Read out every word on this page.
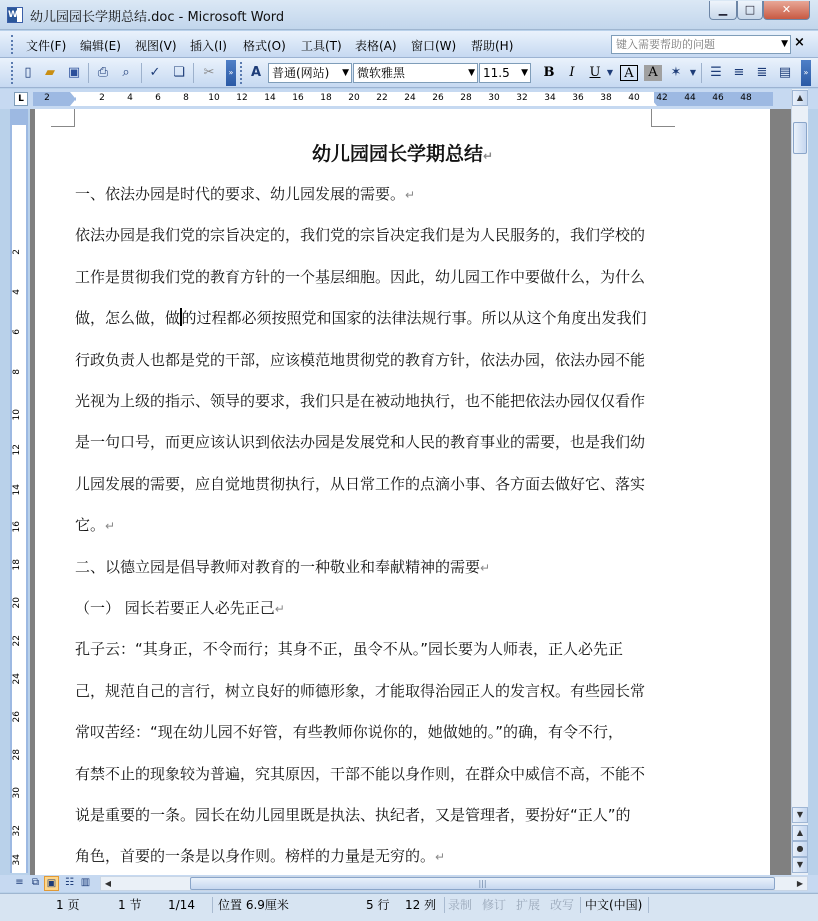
W 幼儿园园长学期总结.doc - Microsoft Word
▁	□	✕
文件(F) 编辑(E) 视图(V) 插入(I) 格式(O) 工具(T) 表格(A) 窗口(W) 帮助(H)	键入需要帮助的问题	▼ ×
▯	▰ ▣ ⎙	⌕	✓ ❏ ✂	» A 普通(网站) ▼ 微软雅黑	▼ 11.5 ▼ B	I	U ▼ A	A ✶	▼	☰ ≡ ≣ ▤	»
L	2	2	4	6	8	10	12	14	16	18	20	22	24	26	28	30	32	34	36	38	40	42	44	46	48
2
4
6
8
10
12
14
16
18
20
22
24
26
28
30
32
34
幼儿园园长学期总结↵
一、依法办园是时代的要求、幼儿园发展的需要。↵
依法办园是我们党的宗旨决定的，我们党的宗旨决定我们是为人民服务的，我们学校的
工作是贯彻我们党的教育方针的一个基层细胞。因此，幼儿园工作中要做什么，为什么
做，怎么做，做 的过程都必须按照党和国家的法律法规行事。所以从这个角度出发我们
行政负责人也都是党的干部，应该模范地贯彻党的教育方针，依法办园，依法办园不能
光视为上级的指示、领导的要求，我们只是在被动地执行，也不能把依法办园仅仅看作
是一句口号，而更应该认识到依法办园是发展党和人民的教育事业的需要，也是我们幼
儿园发展的需要，应自觉地贯彻执行，从日常工作的点滴小事、各方面去做好它、落实
它。↵
二、以德立园是倡导教师对教育的一种敬业和奉献精神的需要↵
（一） 园长若要正人必先正己↵
孔子云：“其身正，不令而行；其身不正，虽令不从。”园长要为人师表，正人必先正
己，规范自己的言行，树立良好的师德形象，才能取得治园正人的发言权。有些园长常
常叹苦经：“现在幼儿园不好管，有些教师你说你的，她做她的。”的确，有令不行，
有禁不止的现象较为普遍，究其原因，干部不能以身作则，在群众中威信不高，不能不
说是重要的一条。园长在幼儿园里既是执法、执纪者，又是管理者，要扮好“正人”的
角色，首要的一条是以身作则。榜样的力量是无穷的。↵
▲
▼
▲
●
▼
≡ ⧉ ▣ ☷ ▥	◀	|||	▶
1 页	1 节 1/14 位置 6.9厘米	5 行 12 列 录制 修订 扩展 改写 中文(中国)
